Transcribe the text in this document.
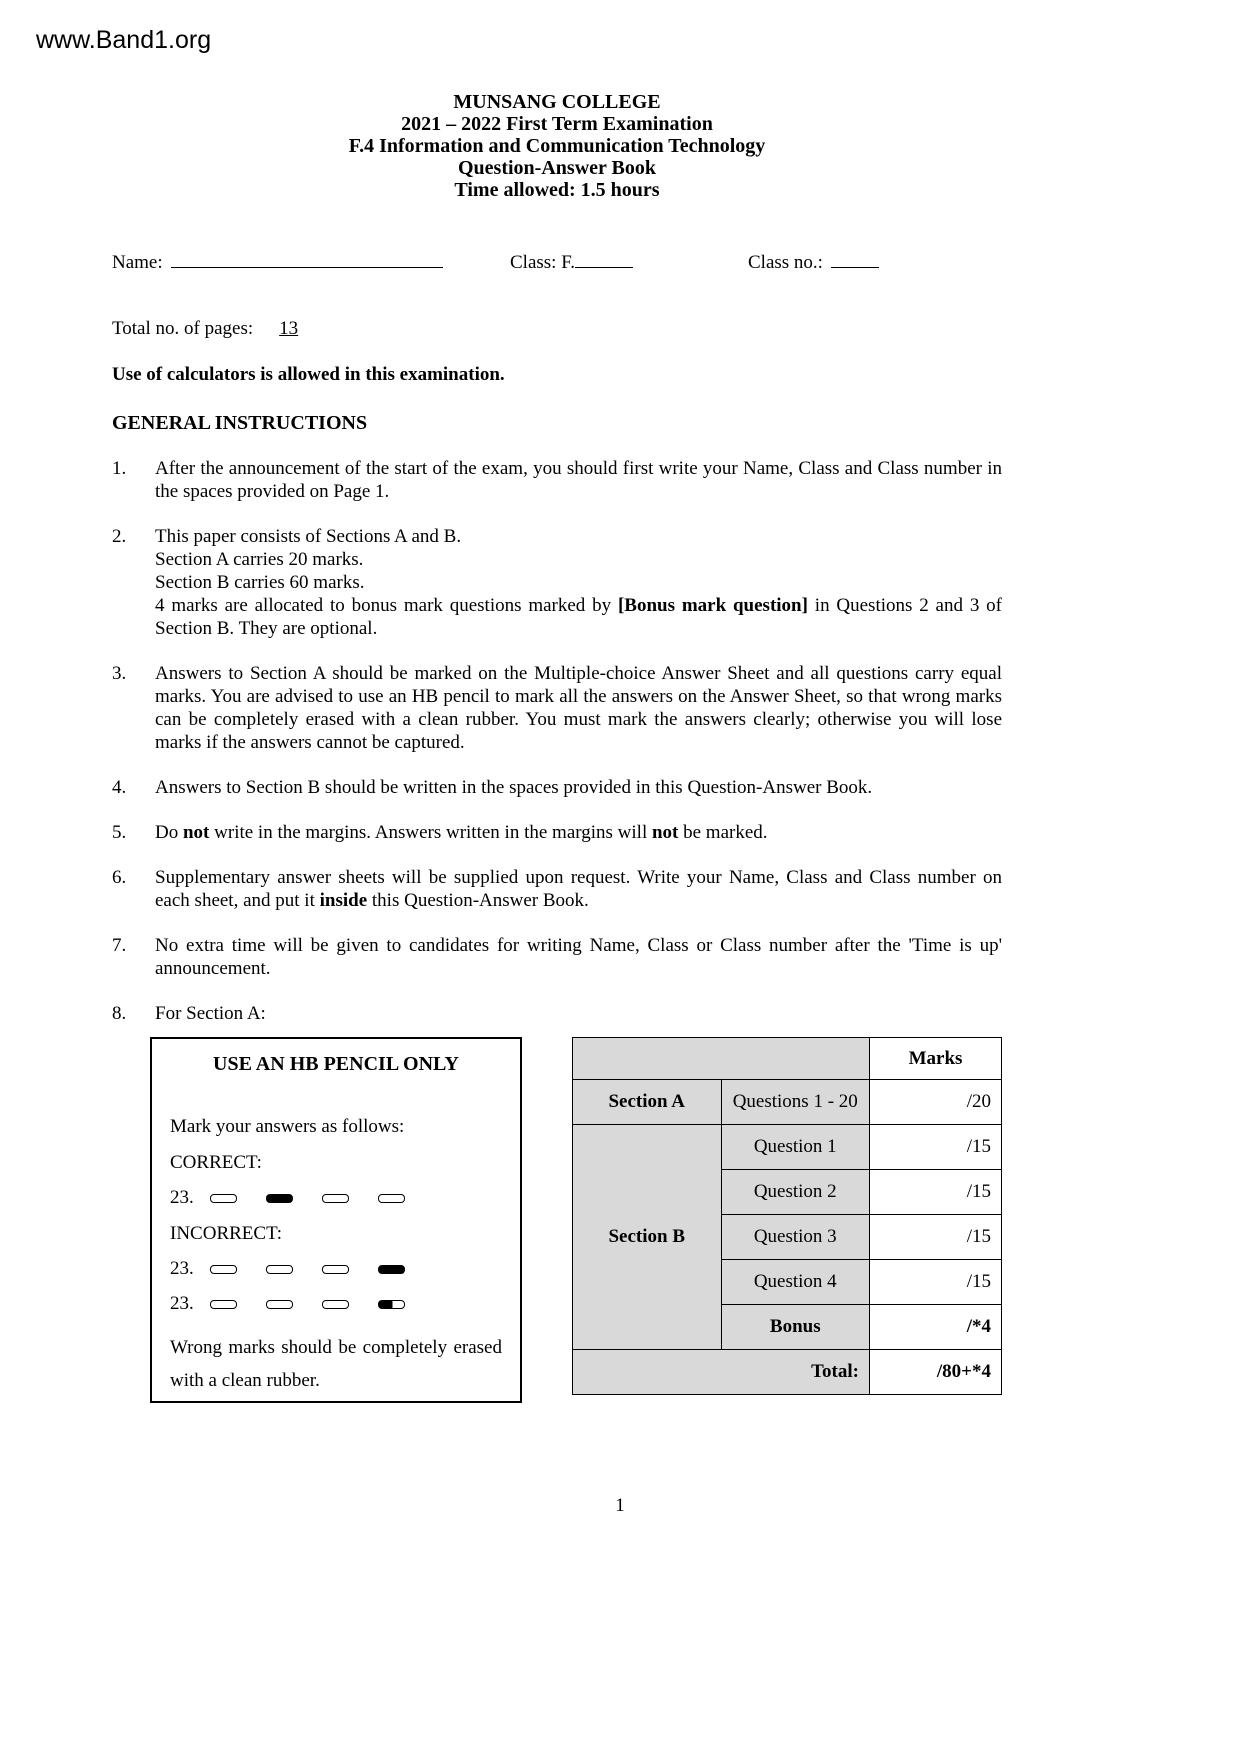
www.Band1.org
MUNSANG COLLEGE
2021 – 2022 First Term Examination
F.4 Information and Communication Technology
Question-Answer Book
Time allowed: 1.5 hours
Name:	Class: F.	Class no.:
Total no. of pages: 13
Use of calculators is allowed in this examination.
GENERAL INSTRUCTIONS
1.	After the announcement of the start of the exam, you should first write your Name, Class and Class number in the spaces provided on Page 1.
2.	This paper consists of Sections A and B.
Section A carries 20 marks.
Section B carries 60 marks.
4 marks are allocated to bonus mark questions marked by [Bonus mark question] in Questions 2 and 3 of Section B. They are optional.
3.	Answers to Section A should be marked on the Multiple-choice Answer Sheet and all questions carry equal marks. You are advised to use an HB pencil to mark all the answers on the Answer Sheet, so that wrong marks can be completely erased with a clean rubber. You must mark the answers clearly; otherwise you will lose marks if the answers cannot be captured.
4.	Answers to Section B should be written in the spaces provided in this Question-Answer Book.
5.	Do not write in the margins. Answers written in the margins will not be marked.
6.	Supplementary answer sheets will be supplied upon request. Write your Name, Class and Class number on each sheet, and put it inside this Question-Answer Book.
7.	No extra time will be given to candidates for writing Name, Class or Class number after the 'Time is up' announcement.
8.	For Section A:
USE AN HB PENCIL ONLY
Mark your answers as follows:
CORRECT:
23.
INCORRECT:
23.
23.
Wrong marks should be completely erased with a clean rubber.
		Marks
Section A	Questions 1 - 20	/20
Section B	Question 1	/15
	Question 2	/15
	Question 3	/15
	Question 4	/15
	Bonus	/*4
Total:		/80+*4
1
